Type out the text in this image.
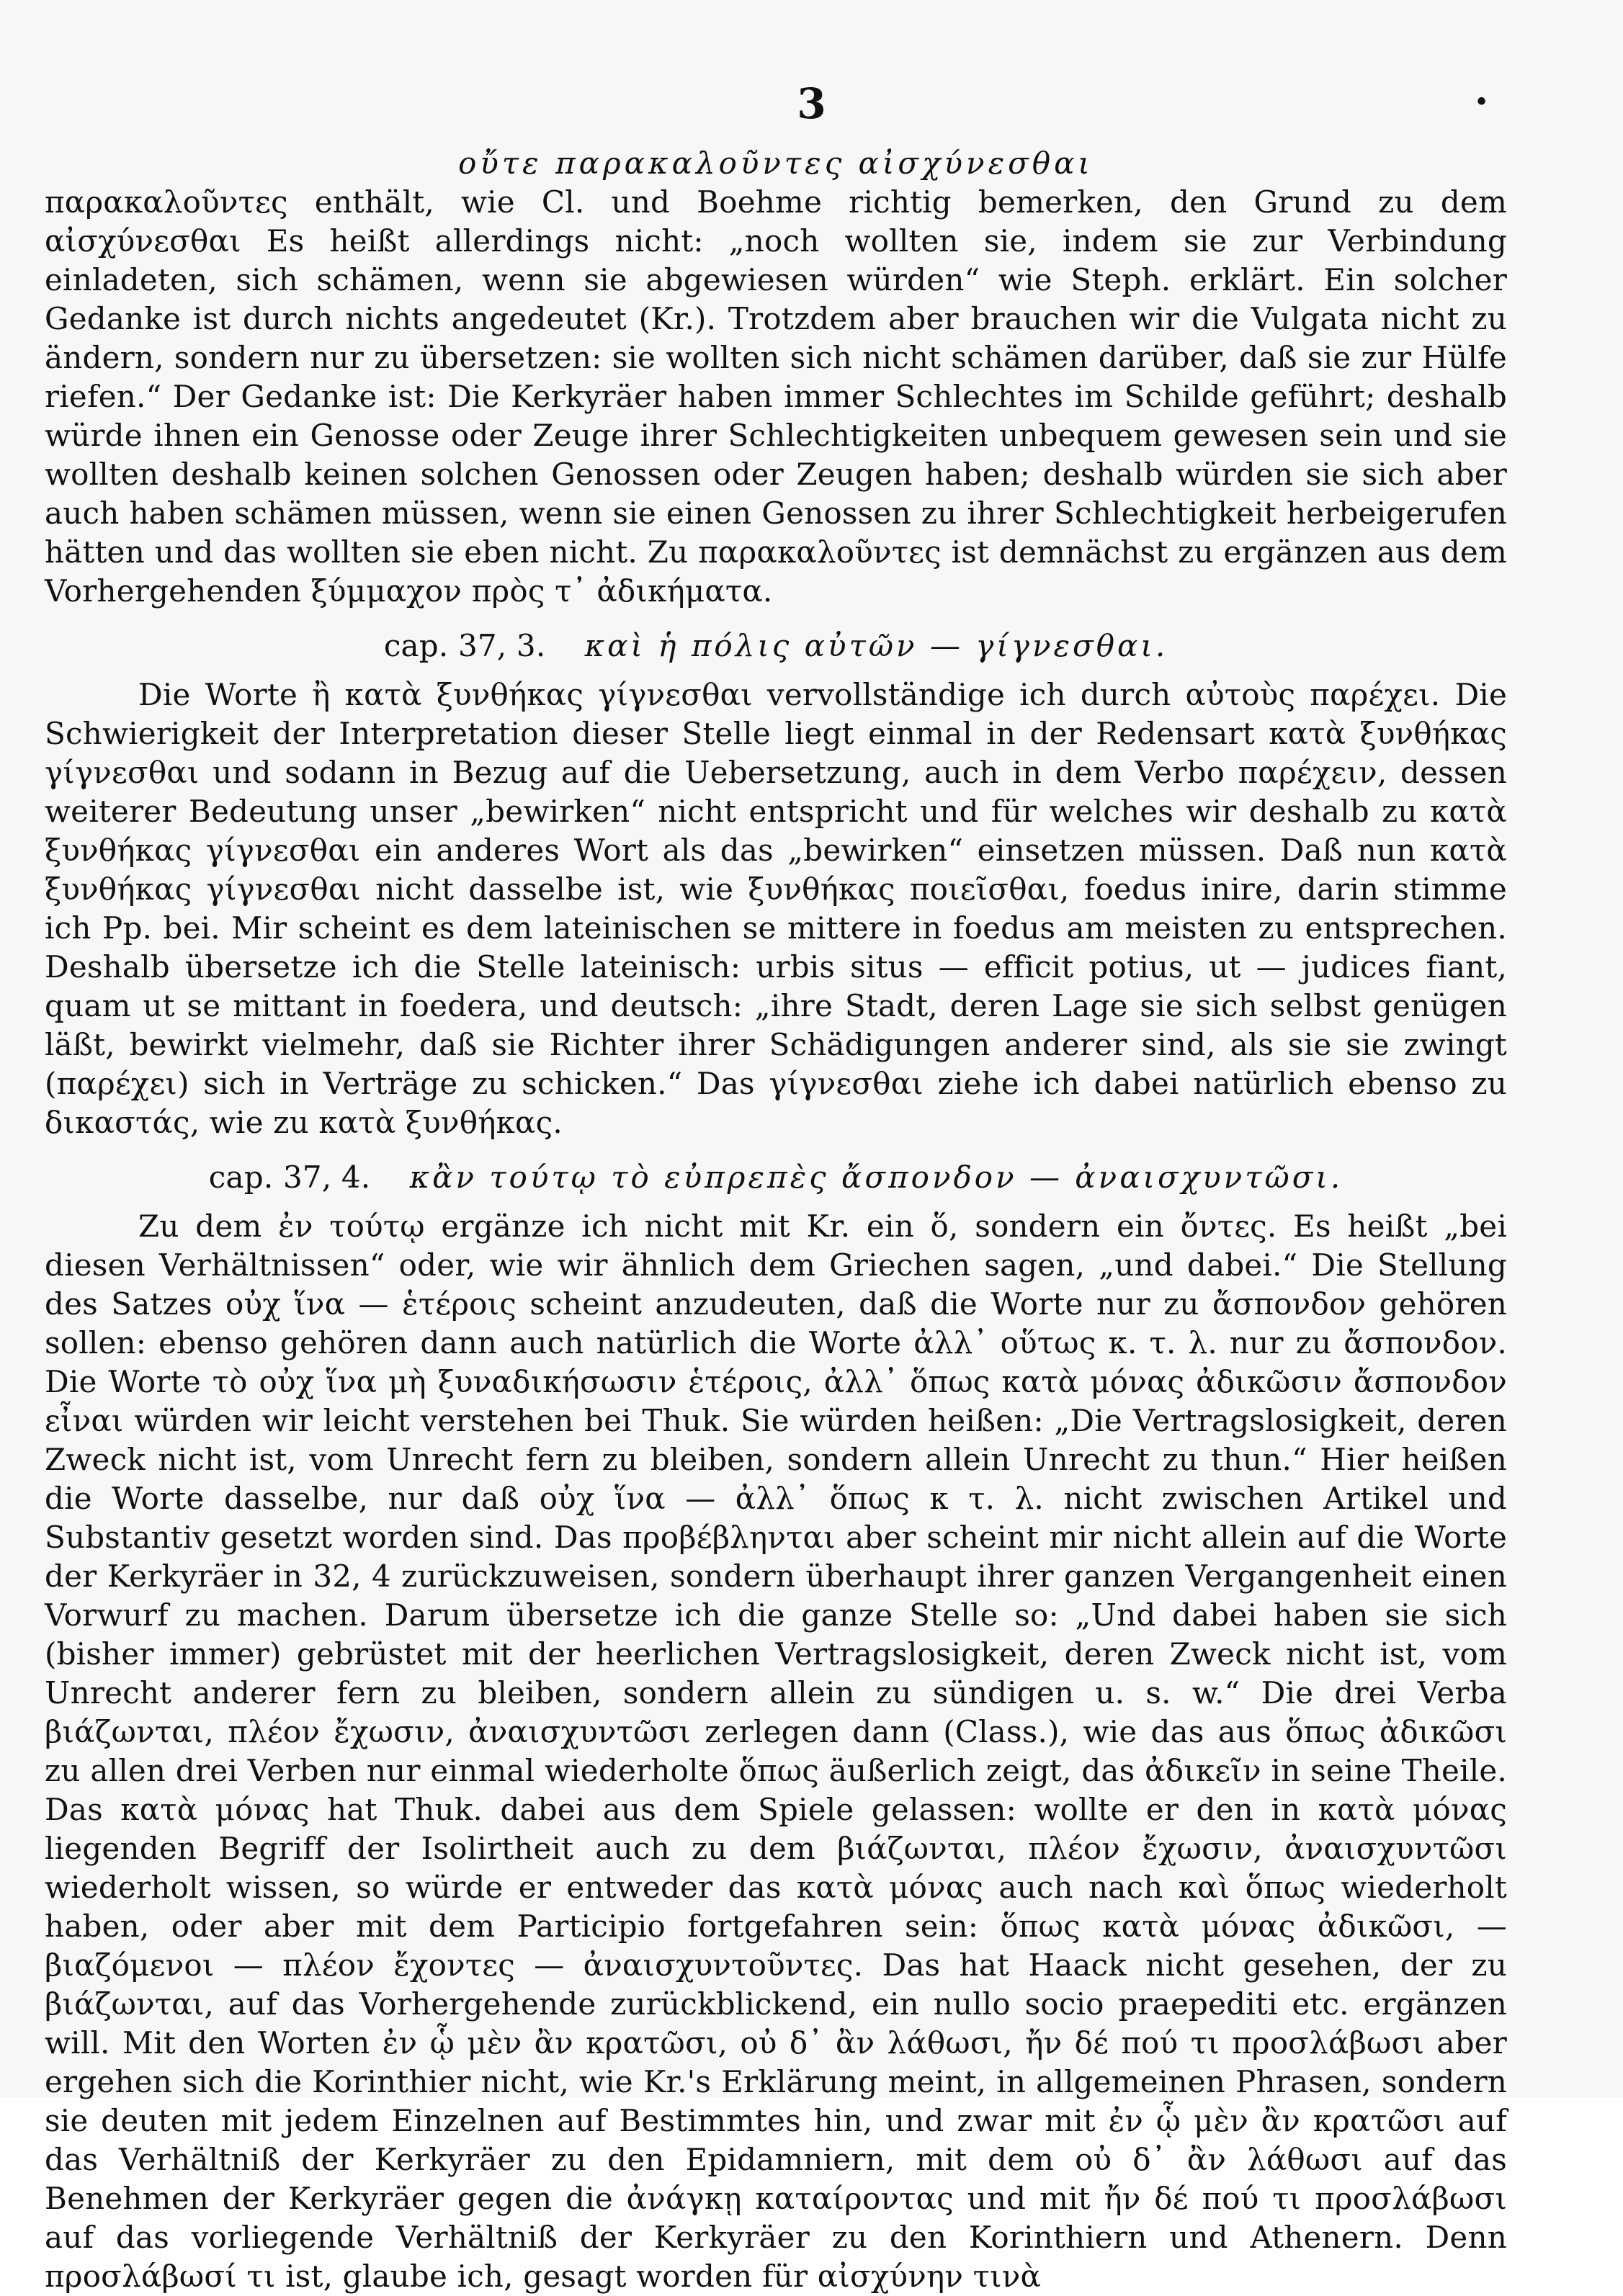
3	•
οὔτε παρακαλοῦντες αἰσχύνεσθαι

παρακαλοῦντες enthält, wie Cl. und Boehme richtig bemerken, den Grund zu dem αἰσχύνεσθαι Es heißt allerdings nicht: „noch wollten sie, indem sie zur Verbindung einladeten, sich schämen, wenn sie abgewiesen würden“ wie Steph. erklärt. Ein solcher Gedanke ist durch nichts angedeutet (Kr.). Trotzdem aber brauchen wir die Vulgata nicht zu ändern, sondern nur zu übersetzen: sie wollten sich nicht schämen darüber, daß sie zur Hülfe riefen.“ Der Gedanke ist: Die Kerkyräer haben immer Schlechtes im Schilde geführt; deshalb würde ihnen ein Genosse oder Zeuge ihrer Schlechtigkeiten unbequem gewesen sein und sie wollten deshalb keinen solchen Genossen oder Zeugen haben; deshalb würden sie sich aber auch haben schämen müssen, wenn sie einen Genossen zu ihrer Schlechtigkeit herbeigerufen hätten und das wollten sie eben nicht. Zu παρακαλοῦντες ist demnächst zu ergänzen aus dem Vorhergehenden ξύμμαχον πρὸς τ᾿ ἀδικήματα.

cap. 37, 3. καὶ ἡ πόλις αὐτῶν — γίγνεσθαι.

Die Worte ἢ κατὰ ξυνθήκας γίγνεσθαι vervollständige ich durch αὐτοὺς παρέχει. Die Schwierigkeit der Interpretation dieser Stelle liegt einmal in der Redensart κατὰ ξυνθήκας γίγνεσθαι und sodann in Bezug auf die Uebersetzung, auch in dem Verbo παρέχειν, dessen weiterer Bedeutung unser „bewirken“ nicht entspricht und für welches wir deshalb zu κατὰ ξυνθήκας γίγνεσθαι ein anderes Wort als das „bewirken“ einsetzen müssen. Daß nun κατὰ ξυνθήκας γίγνεσθαι nicht dasselbe ist, wie ξυνθήκας ποιεῖσθαι, foedus inire, darin stimme ich Pp. bei. Mir scheint es dem lateinischen se mittere in foedus am meisten zu entsprechen. Deshalb übersetze ich die Stelle lateinisch: urbis situs — efficit potius, ut — judices fiant, quam ut se mittant in foedera, und deutsch: „ihre Stadt, deren Lage sie sich selbst genügen läßt, bewirkt vielmehr, daß sie Richter ihrer Schädigungen anderer sind, als sie sie zwingt (παρέχει) sich in Verträge zu schicken.“ Das γίγνεσθαι ziehe ich dabei natürlich ebenso zu δικαστάς, wie zu κατὰ ξυνθήκας.

cap. 37, 4. κἂν τούτῳ τὸ εὐπρεπὲς ἄσπονδον — ἀναισχυντῶσι.

Zu dem ἐν τούτῳ ergänze ich nicht mit Kr. ein ὅ, sondern ein ὄντες. Es heißt „bei diesen Verhältnissen“ oder, wie wir ähnlich dem Griechen sagen, „und dabei.“ Die Stellung des Satzes οὐχ ἵνα — ἑτέροις scheint anzudeuten, daß die Worte nur zu ἄσπονδον gehören sollen: ebenso gehören dann auch natürlich die Worte ἀλλ᾿ οὕτως κ. τ. λ. nur zu ἄσπονδον. Die Worte τὸ οὐχ ἵνα μὴ ξυναδικήσωσιν ἑτέροις, ἀλλ᾿ ὅπως κατὰ μόνας ἀδικῶσιν ἄσπονδον εἶναι würden wir leicht verstehen bei Thuk. Sie würden heißen: „Die Vertragslosigkeit, deren Zweck nicht ist, vom Unrecht fern zu bleiben, sondern allein Unrecht zu thun.“ Hier heißen die Worte dasselbe, nur daß οὐχ ἵνα — ἀλλ᾿ ὅπως κ τ. λ. nicht zwischen Artikel und Substantiv gesetzt worden sind. Das προβέβληνται aber scheint mir nicht allein auf die Worte der Kerkyräer in 32, 4 zurückzuweisen, sondern überhaupt ihrer ganzen Vergangenheit einen Vorwurf zu machen. Darum übersetze ich die ganze Stelle so: „Und dabei haben sie sich (bisher immer) gebrüstet mit der heerlichen Vertragslosigkeit, deren Zweck nicht ist, vom Unrecht anderer fern zu bleiben, sondern allein zu sündigen u. s. w.“ Die drei Verba βιάζωνται, πλέον ἔχωσιν, ἀναισχυντῶσι zerlegen dann (Class.), wie das aus ὅπως ἀδικῶσι zu allen drei Verben nur einmal wiederholte ὅπως äußerlich zeigt, das ἀδικεῖν in seine Theile. Das κατὰ μόνας hat Thuk. dabei aus dem Spiele gelassen: wollte er den in κατὰ μόνας liegenden Begriff der Isolirtheit auch zu dem βιάζωνται, πλέον ἔχωσιν, ἀναισχυντῶσι wiederholt wissen, so würde er entweder das κατὰ μόνας auch nach καὶ ὅπως wiederholt haben, oder aber mit dem Participio fortgefahren sein: ὅπως κατὰ μόνας ἀδικῶσι, — βιαζόμενοι — πλέον ἔχοντες — ἀναισχυντοῦντες. Das hat Haack nicht gesehen, der zu βιάζωνται, auf das Vorhergehende zurückblickend, ein nullo socio praepediti etc. ergänzen will. Mit den Worten ἐν ᾧ μὲν ἂν κρατῶσι, οὐ δ᾿ ἂν λάθωσι, ἤν δέ πού τι προσλάβωσι aber ergehen sich die Korinthier nicht, wie Kr.'s Erklärung meint, in allgemeinen Phrasen, sondern sie deuten mit jedem Einzelnen auf Bestimmtes hin, und zwar mit ἐν ᾧ μὲν ἂν κρατῶσι auf das Verhältniß der Kerkyräer zu den Epidamniern, mit dem οὐ δ᾿ ἂν λάθωσι auf das Benehmen der Kerkyräer gegen die ἀνάγκῃ καταίροντας und mit ἤν δέ πού τι προσλάβωσι auf das vorliegende Verhältniß der Kerkyräer zu den Korinthiern und Athenern. Denn προσλάβωσί τι ist, glaube ich, gesagt worden für αἰσχύνην τινὰ
